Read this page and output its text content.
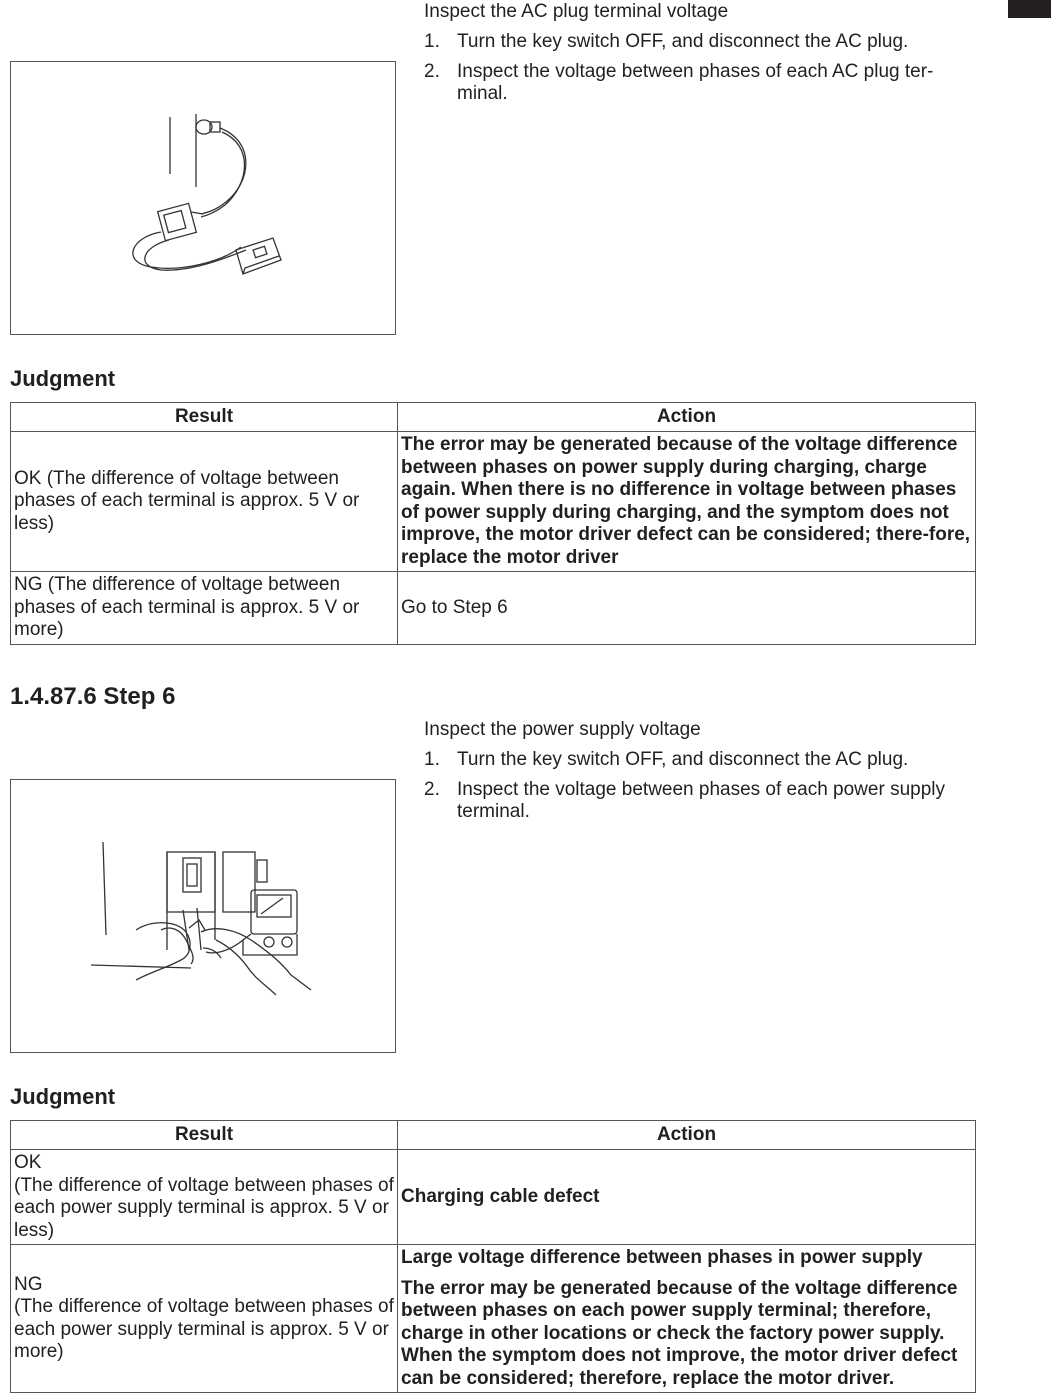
Inspect the AC plug terminal voltage
1. Turn the key switch OFF, and disconnect the AC plug.
2. Inspect the voltage between phases of each AC plug ter-minal.
Judgment
Result	Action
OK (The difference of voltage between phases of each terminal is approx. 5 V or less)	The error may be generated because of the voltage difference between phases on power supply during charging, charge again. When there is no difference in voltage between phases of power supply during charging, and the symptom does not improve, the motor driver defect can be considered; there-fore, replace the motor driver
NG (The difference of voltage between phases of each terminal is approx. 5 V or more)	Go to Step 6
1.4.87.6 Step 6
Inspect the power supply voltage
1. Turn the key switch OFF, and disconnect the AC plug.
2. Inspect the voltage between phases of each power supply terminal.
Judgment
Result	Action
OK
(The difference of voltage between phases of each power supply terminal is approx. 5 V or less)	Charging cable defect
NG
(The difference of voltage between phases of each power supply terminal is approx. 5 V or more)	Large voltage difference between phases in power supply
The error may be generated because of the voltage difference between phases on each power supply terminal; therefore, charge in other locations or check the factory power supply. When the symptom does not improve, the motor driver defect can be considered; therefore, replace the motor driver.
